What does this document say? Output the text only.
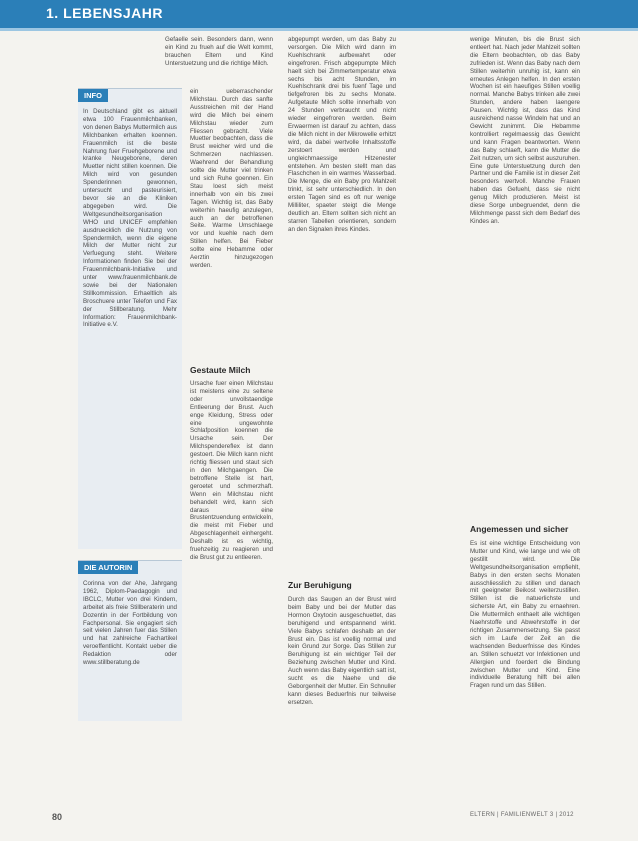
1. LEBENSJAHR

Gefaelle sein. Besonders dann, wenn ein Kind zu frueh auf die Welt kommt, brauchen Eltern und Kind Unterstuetzung und die richtige Milch.

INFO
In Deutschland gibt es aktuell etwa 100 Frauenmilchbanken, von denen Babys Muttermilch aus Milchbanken erhalten koennen. Frauenmilch ist die beste Nahrung fuer Fruehgeborene und kranke Neugeborene, deren Muetter nicht stillen koennen. Die Milch wird von gesunden Spenderinnen gewonnen, untersucht und pasteurisiert, bevor sie an die Kliniken abgegeben wird. Die Weltgesundheitsorganisation WHO und UNICEF empfehlen ausdruecklich die Nutzung von Spendermilch, wenn die eigene Milch der Mutter nicht zur Verfuegung steht. Weitere Informationen finden Sie bei der Frauenmilchbank-Initiative und unter www.frauenmilchbank.de sowie bei der Nationalen Stillkommission. Erhaeltlich als Broschuere unter Telefon und Fax der Stillberatung. Mehr Information: Frauenmilchbank-Initiative e.V.
DIE AUTORIN
Corinna von der Ahe, Jahrgang 1962, Diplom-Paedagogin und IBCLC, Mutter von drei Kindern, arbeitet als freie Stillberaterin und Dozentin in der Fortbildung von Fachpersonal. Sie engagiert sich seit vielen Jahren fuer das Stillen und hat zahlreiche Fachartikel veroeffentlicht. Kontakt ueber die Redaktion oder www.stillberatung.de

ein ueberraschender Milchstau. Durch das sanfte Ausstreichen mit der Hand wird die Milch bei einem Milchstau wieder zum Fliessen gebracht. Viele Muetter beobachten, dass die Brust weicher wird und die Schmerzen nachlassen. Waehrend der Behandlung sollte die Mutter viel trinken und sich Ruhe goennen. Ein Stau loest sich meist innerhalb von ein bis zwei Tagen. Wichtig ist, das Baby weiterhin haeufig anzulegen, auch an der betroffenen Seite. Warme Umschlaege vor und kuehle nach dem Stillen helfen. Bei Fieber sollte eine Hebamme oder Aerztin hinzugezogen werden.

Gestaute Milch

Ursache fuer einen Milchstau ist meistens eine zu seltene oder unvollstaendige Entleerung der Brust. Auch enge Kleidung, Stress oder eine ungewohnte Schlafposition koennen die Ursache sein. Der Milchspendereflex ist dann gestoert. Die Milch kann nicht richtig fliessen und staut sich in den Milchgaengen. Die betroffene Stelle ist hart, geroetet und schmerzhaft. Wenn ein Milchstau nicht behandelt wird, kann sich daraus eine Brustentzuendung entwickeln, die meist mit Fieber und Abgeschlagenheit einhergeht. Deshalb ist es wichtig, fruehzeitig zu reagieren und die Brust gut zu entleeren.

abgepumpt werden, um das Baby zu versorgen. Die Milch wird dann im Kuehlschrank aufbewahrt oder eingefroren. Frisch abgepumpte Milch haelt sich bei Zimmertemperatur etwa sechs bis acht Stunden, im Kuehlschrank drei bis fuenf Tage und tiefgefroren bis zu sechs Monate. Aufgetaute Milch sollte innerhalb von 24 Stunden verbraucht und nicht wieder eingefroren werden. Beim Erwaermen ist darauf zu achten, dass die Milch nicht in der Mikrowelle erhitzt wird, da dabei wertvolle Inhaltsstoffe zerstoert werden und ungleichmaessige Hitzenester entstehen. Am besten stellt man das Flaschchen in ein warmes Wasserbad. Die Menge, die ein Baby pro Mahlzeit trinkt, ist sehr unterschiedlich. In den ersten Tagen sind es oft nur wenige Milliliter, spaeter steigt die Menge deutlich an. Eltern sollten sich nicht an starren Tabellen orientieren, sondern an den Signalen ihres Kindes.

Zur Beruhigung

Durch das Saugen an der Brust wird beim Baby und bei der Mutter das Hormon Oxytocin ausgeschuettet, das beruhigend und entspannend wirkt. Viele Babys schlafen deshalb an der Brust ein. Das ist voellig normal und kein Grund zur Sorge. Das Stillen zur Beruhigung ist ein wichtiger Teil der Beziehung zwischen Mutter und Kind. Auch wenn das Baby eigentlich satt ist, sucht es die Naehe und die Geborgenheit der Mutter. Ein Schnuller kann dieses Beduerfnis nur teilweise ersetzen.

wenige Minuten, bis die Brust sich entleert hat. Nach jeder Mahlzeit sollten die Eltern beobachten, ob das Baby zufrieden ist. Wenn das Baby nach dem Stillen weiterhin unruhig ist, kann ein erneutes Anlegen helfen. In den ersten Wochen ist ein haeufiges Stillen voellig normal. Manche Babys trinken alle zwei Stunden, andere haben laengere Pausen. Wichtig ist, dass das Kind ausreichend nasse Windeln hat und an Gewicht zunimmt. Die Hebamme kontrolliert regelmaessig das Gewicht und kann Fragen beantworten. Wenn das Baby schlaeft, kann die Mutter die Zeit nutzen, um sich selbst auszuruhen. Eine gute Unterstuetzung durch den Partner und die Familie ist in dieser Zeit besonders wertvoll. Manche Frauen haben das Gefuehl, dass sie nicht genug Milch produzieren. Meist ist diese Sorge unbegruendet, denn die Milchmenge passt sich dem Bedarf des Kindes an.

Angemessen und sicher

Es ist eine wichtige Entscheidung von Mutter und Kind, wie lange und wie oft gestillt wird. Die Weltgesundheitsorganisation empfiehlt, Babys in den ersten sechs Monaten ausschliesslich zu stillen und danach mit geeigneter Beikost weiterzustillen. Stillen ist die natuerlichste und sicherste Art, ein Baby zu ernaehren. Die Muttermilch enthaelt alle wichtigen Naehrstoffe und Abwehrstoffe in der richtigen Zusammensetzung. Sie passt sich im Laufe der Zeit an die wachsenden Beduerfnisse des Kindes an. Stillen schuetzt vor Infektionen und Allergien und foerdert die Bindung zwischen Mutter und Kind. Eine individuelle Beratung hilft bei allen Fragen rund um das Stillen.

80	ELTERN | FAMILIENWELT 3 | 2012
